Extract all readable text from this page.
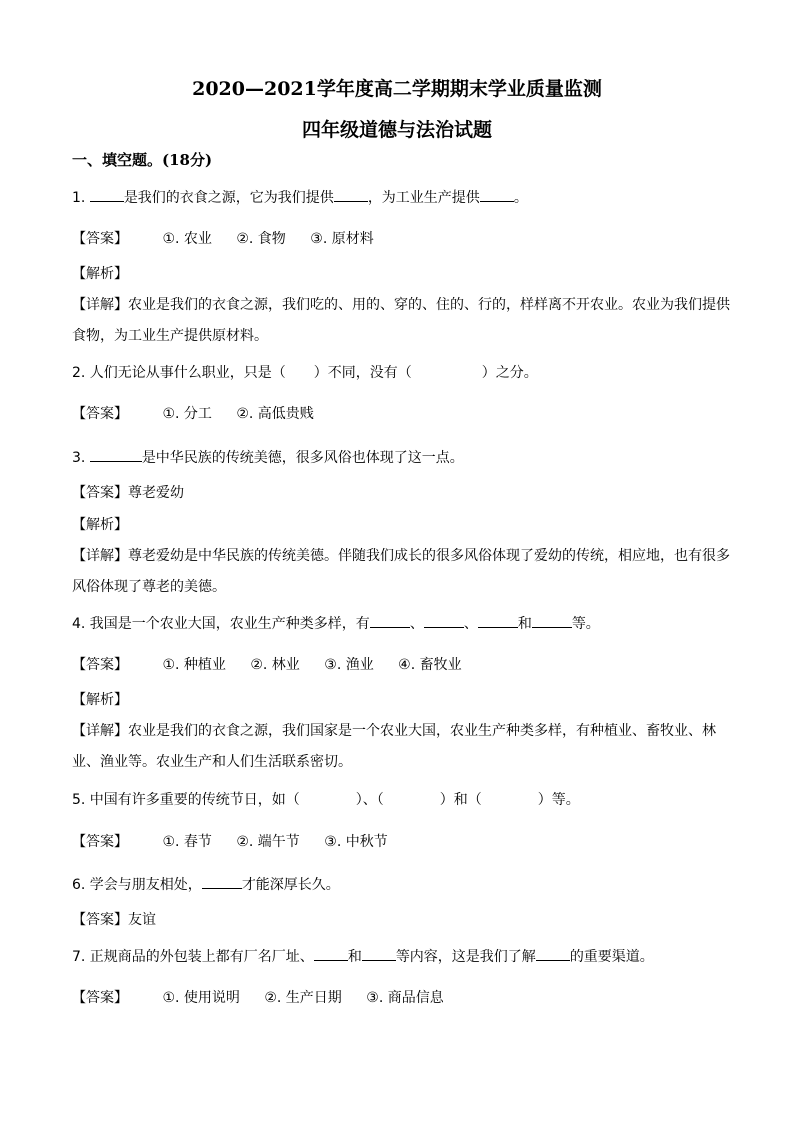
2020—2021学年度高二学期期末学业质量监测
四年级道德与法治试题
一、填空题。(18分)
1.	是我们的衣食之源，它为我们提供 ，为工业生产提供 。
【答案】 ①. 农业 ②. 食物 ③. 原材料
【解析】
【详解】农业是我们的衣食之源，我们吃的、用的、穿的、住的、行的，样样离不开农业。农业为我们提供食物，为工业生产提供原材料。
2. 人们无论从事什么职业，只是（　　）不同，没有（　　　　　）之分。
【答案】 ①. 分工 ②. 高低贵贱
3.	是中华民族的传统美德，很多风俗也体现了这一点。
【答案】尊老爱幼
【解析】
【详解】尊老爱幼是中华民族的传统美德。伴随我们成长的很多风俗体现了爱幼的传统，相应地，也有很多风俗体现了尊老的美德。
4. 我国是一个农业大国，农业生产种类多样，有	、	、	和	等。
【答案】 ①. 种植业 ②. 林业 ③. 渔业 ④. 畜牧业
【解析】
【详解】农业是我们的衣食之源，我们国家是一个农业大国，农业生产种类多样，有种植业、畜牧业、林业、渔业等。农业生产和人们生活联系密切。
5. 中国有许多重要的传统节日，如（　　　　）、（　　　　）和（　　　　）等。
【答案】 ①. 春节 ②. 端午节 ③. 中秋节
6. 学会与朋友相处，	才能深厚长久。
【答案】友谊
7. 正规商品的外包装上都有厂名厂址、 和 等内容，这是我们了解 的重要渠道。
【答案】 ①. 使用说明 ②. 生产日期 ③. 商品信息
